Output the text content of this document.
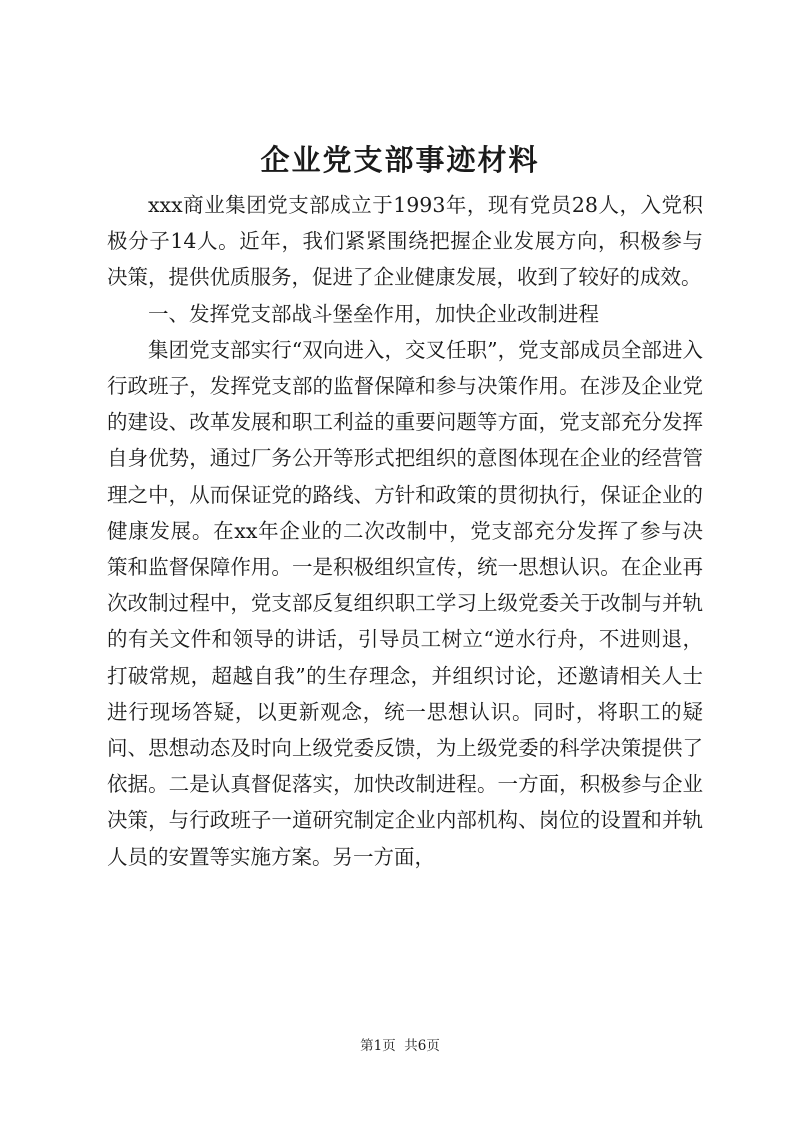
企业党支部事迹材料

xxx商业集团党支部成立于1993年，现有党员28人，入党积极分子14人。近年，我们紧紧围绕把握企业发展方向，积极参与决策，提供优质服务，促进了企业健康发展，收到了较好的成效。

一、发挥党支部战斗堡垒作用，加快企业改制进程

集团党支部实行“双向进入，交叉任职”，党支部成员全部进入行政班子，发挥党支部的监督保障和参与决策作用。在涉及企业党的建设、改革发展和职工利益的重要问题等方面，党支部充分发挥自身优势，通过厂务公开等形式把组织的意图体现在企业的经营管理之中，从而保证党的路线、方针和政策的贯彻执行，保证企业的健康发展。在xx年企业的二次改制中，党支部充分发挥了参与决策和监督保障作用。一是积极组织宣传，统一思想认识。在企业再次改制过程中，党支部反复组织职工学习上级党委关于改制与并轨的有关文件和领导的讲话，引导员工树立“逆水行舟，不进则退，打破常规，超越自我”的生存理念，并组织讨论，还邀请相关人士进行现场答疑，以更新观念，统一思想认识。同时，将职工的疑问、思想动态及时向上级党委反馈，为上级党委的科学决策提供了依据。二是认真督促落实，加快改制进程。一方面，积极参与企业决策，与行政班子一道研究制定企业内部机构、岗位的设置和并轨人员的安置等实施方案。另一方面，

第1页 共6页
